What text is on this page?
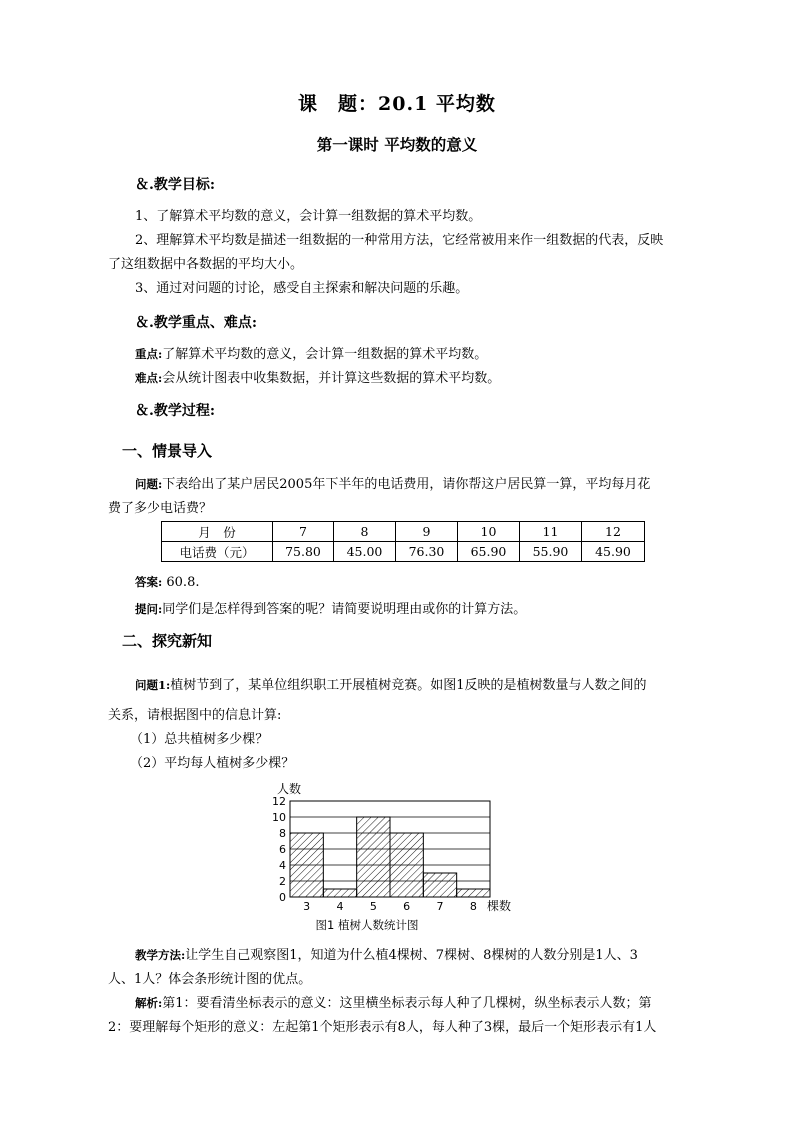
课　题：20.1 平均数
第一课时 平均数的意义
＆.教学目标:
1、了解算术平均数的意义，会计算一组数据的算术平均数。
2、理解算术平均数是描述一组数据的一种常用方法，它经常被用来作一组数据的代表，反映
了这组数据中各数据的平均大小。
3、通过对问题的讨论，感受自主探索和解决问题的乐趣。
＆.教学重点、难点:
重点:了解算术平均数的意义，会计算一组数据的算术平均数。
难点:会从统计图表中收集数据，并计算这些数据的算术平均数。
＆.教学过程:
一、情景导入
问题:下表给出了某户居民2005年下半年的电话费用，请你帮这户居民算一算，平均每月花
费了多少电话费？
月　份	7	8	9	10	11	12
电话费（元）	75.80	45.00	76.30	65.90	55.90	45.90
答案: 60.8.
提问:同学们是怎样得到答案的呢？请简要说明理由或你的计算方法。
二、探究新知
问题1:植树节到了，某单位组织职工开展植树竞赛。如图1反映的是植树数量与人数之间的
关系，请根据图中的信息计算:
（1）总共植树多少棵？
（2）平均每人植树多少棵？
0
2
4
6
8
10
12
3 4 5 6 7 8
人数
棵数
图1 植树人数统计图
教学方法:让学生自己观察图1，知道为什么植4棵树、7棵树、8棵树的人数分别是1人、3
人、1人？体会条形统计图的优点。
解析:第1：要看清坐标表示的意义：这里横坐标表示每人种了几棵树，纵坐标表示人数；第
2：要理解每个矩形的意义：左起第1个矩形表示有8人，每人种了3棵，最后一个矩形表示有1人
